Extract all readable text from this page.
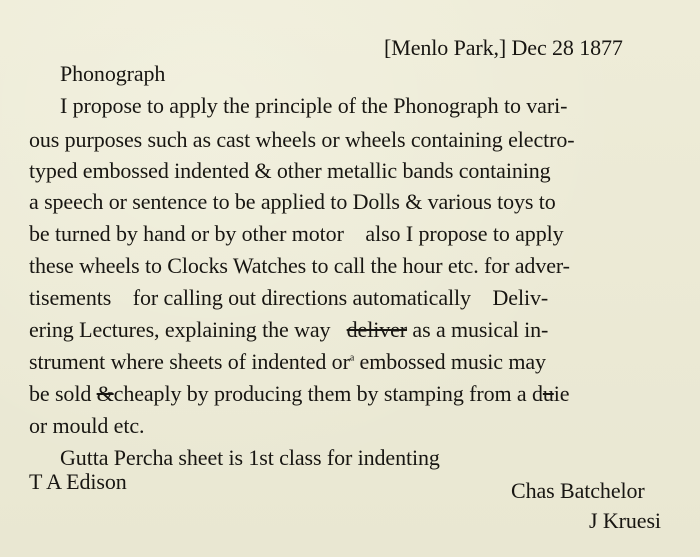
[Menlo Park,] Dec 28 1877
Phonograph
I propose to apply the principle of the Phonograph to vari-
ous purposes such as cast wheels or wheels containing electro-
typed embossed indented & other metallic bands containing
a speech or sentence to be applied to Dolls & various toys to
be turned by hand or by other motor    also I propose to apply
these wheels to Clocks Watches to call the hour etc. for adver-
tisements    for calling out directions automatically    Deliv-
ering Lectures, explaining the way   deliver as a musical in-
strument where sheets of indented or$^a$ embossed music may
be sold &cheaply by producing them by stamping from a duie
or mould etc.
Gutta Percha sheet is 1st class for indenting
T A Edison	Chas Batchelor
J Kruesi
